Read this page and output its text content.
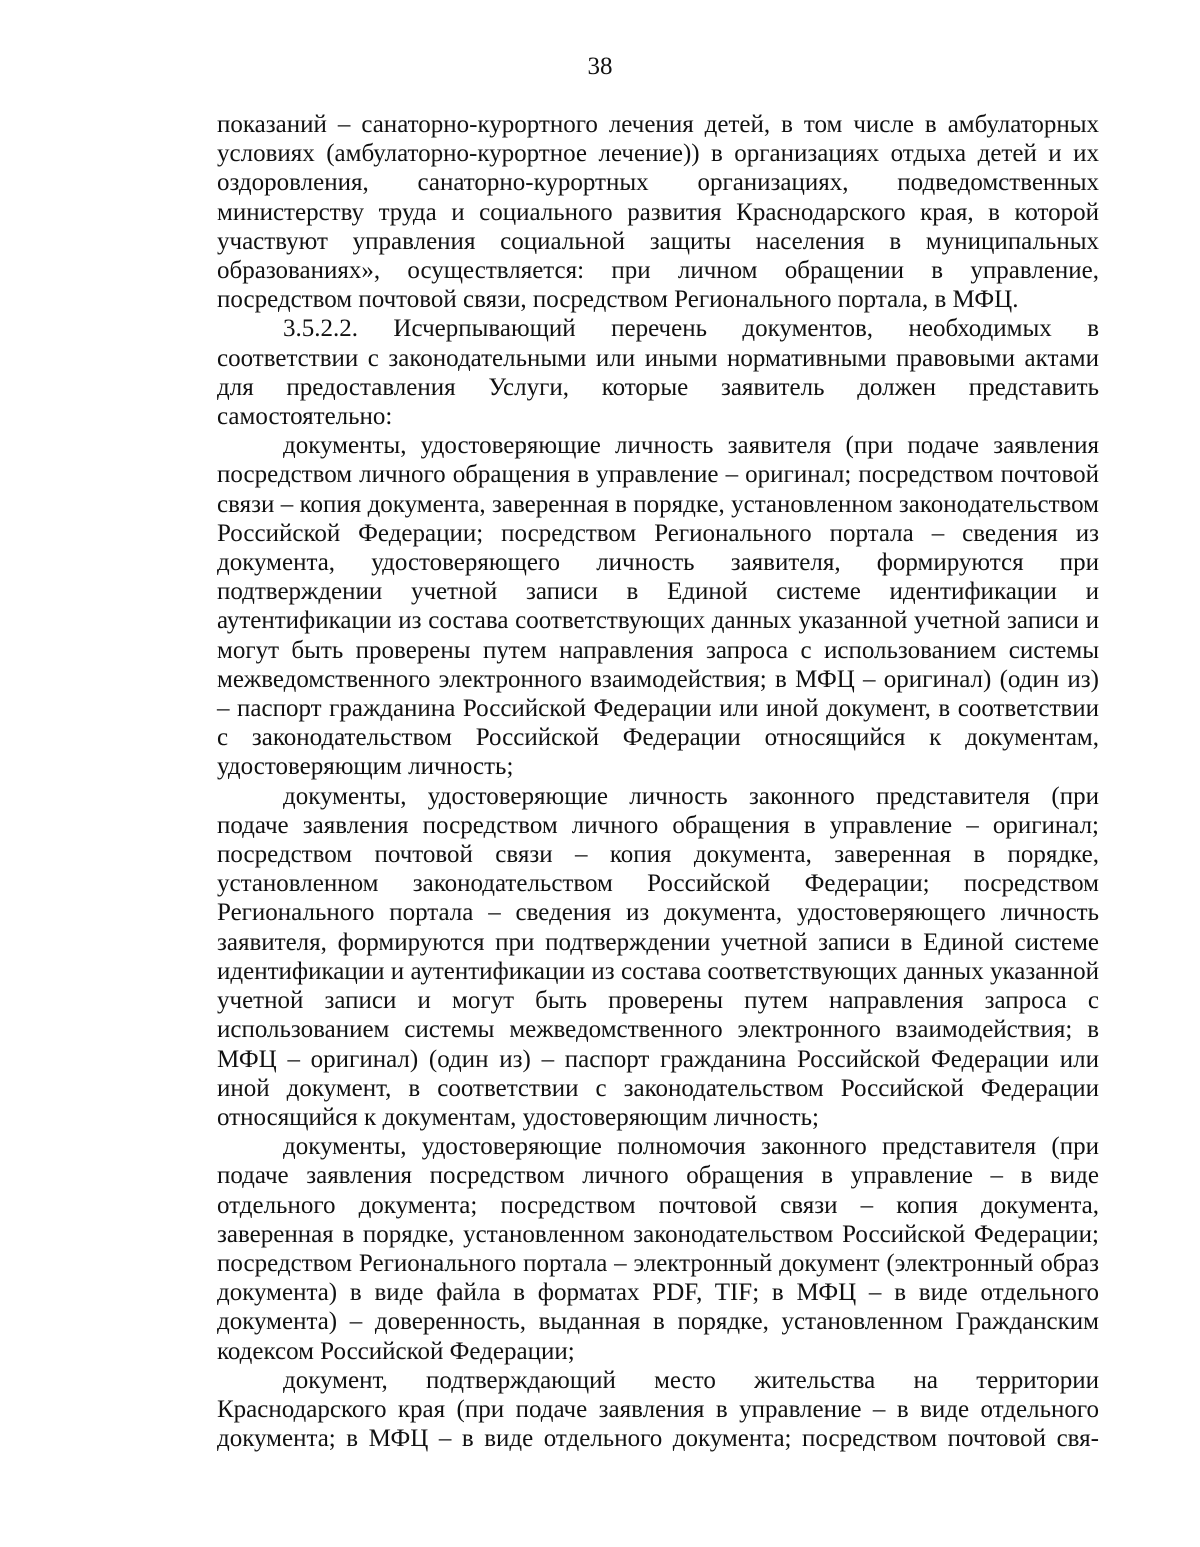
38

показаний – санаторно-курортного лечения детей, в том числе в амбулаторных условиях (амбулаторно-курортное лечение)) в организациях отдыха детей и их оздоровления, санаторно-курортных организациях, подведомственных министерству труда и социального развития Краснодарского края, в которой участвуют управления социальной защиты населения в муниципальных образованиях», осуществляется: при личном обращении в управление, посредством почтовой связи, посредством Регионального портала, в МФЦ.

3.5.2.2. Исчерпывающий перечень документов, необходимых в соответствии с законодательными или иными нормативными правовыми актами для предоставления Услуги, которые заявитель должен представить самостоятельно:

документы, удостоверяющие личность заявителя (при подаче заявления посредством личного обращения в управление – оригинал; посредством почтовой связи – копия документа, заверенная в порядке, установленном законодательством Российской Федерации; посредством Регионального портала – сведения из документа, удостоверяющего личность заявителя, формируются при подтверждении учетной записи в Единой системе идентификации и аутентификации из состава соответствующих данных указанной учетной записи и могут быть проверены путем направления запроса с использованием системы межведомственного электронного взаимодействия; в МФЦ – оригинал) (один из) – паспорт гражданина Российской Федерации или иной документ, в соответствии с законодательством Российской Федерации относящийся к документам, удостоверяющим личность;

документы, удостоверяющие личность законного представителя (при подаче заявления посредством личного обращения в управление – оригинал; посредством почтовой связи – копия документа, заверенная в порядке, установленном законодательством Российской Федерации; посредством Регионального портала – сведения из документа, удостоверяющего личность заявителя, формируются при подтверждении учетной записи в Единой системе идентификации и аутентификации из состава соответствующих данных указанной учетной записи и могут быть проверены путем направления запроса с использованием системы межведомственного электронного взаимодействия; в МФЦ – оригинал) (один из) – паспорт гражданина Российской Федерации или иной документ, в соответствии с законодательством Российской Федерации относящийся к документам, удостоверяющим личность;

документы, удостоверяющие полномочия законного представителя (при подаче заявления посредством личного обращения в управление – в виде отдельного документа; посредством почтовой связи – копия документа, заверенная в порядке, установленном законодательством Российской Федерации; посредством Регионального портала – электронный документ (электронный образ документа) в виде файла в форматах PDF, TIF; в МФЦ – в виде отдельного документа) – доверенность, выданная в порядке, установленном Гражданским кодексом Российской Федерации;

документ, подтверждающий место жительства на территории Краснодарского края (при подаче заявления в управление – в виде отдельного документа; в МФЦ – в виде отдельного документа; посредством почтовой свя-
